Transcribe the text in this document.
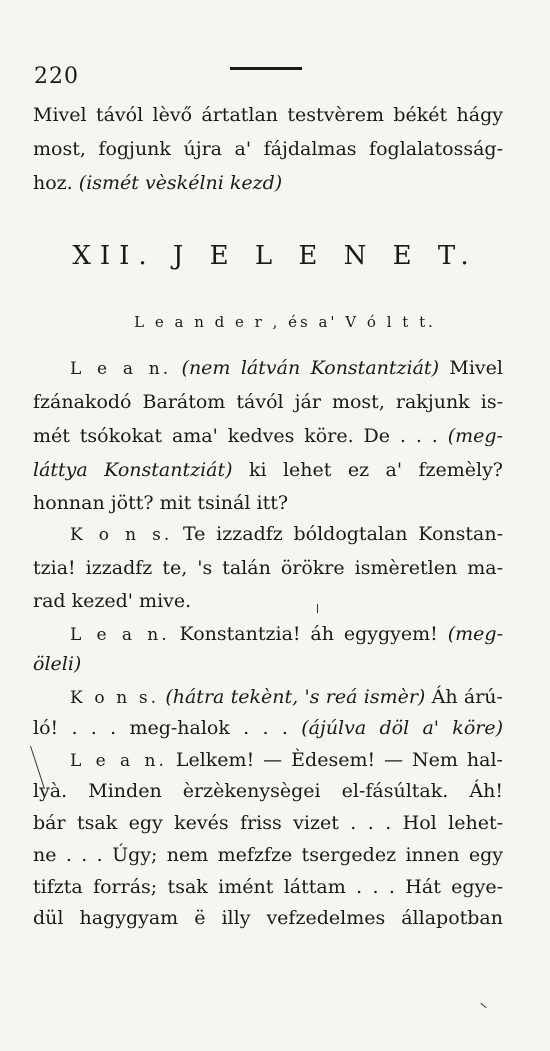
220
Mivel távól lèvő ártatlan testvèrem békét hágy
most, fogjunk újra a' fájdalmas foglalatosság-
hoz. (ismét vèskélni kezd)
XII. J E L E N E T.
L e a n d e r , és a' V ó l t t.
L e a n. (nem látván Konstantziát) Mivel
fzánakodó Barátom távól jár most, rakjunk is-
mét tsókokat ama' kedves köre. De . . . (meg-
láttya Konstantziát) ki lehet ez a' fzemèly?
honnan jött? mit tsinál itt?
K o n s. Te izzadfz bóldogtalan Konstan-
tzia! izzadfz te, 's talán örökre ismèretlen ma-
rad kezed' mive.
L e a n. Konstantzia! áh egygyem! (meg-
öleli)
K o n s. (hátra tekènt, 's reá ismèr) Áh árú-
ló! . . . meg-halok . . . (ájúlva döl a' köre)
L e a n. Lelkem! — Èdesem! — Nem hal-
lyà. Minden èrzèkenysègei el-fásúltak. Áh!
bár tsak egy kevés friss vizet . . . Hol lehet-
ne . . . Úgy; nem mefzfze tsergedez innen egy
tifzta forrás; tsak imént láttam . . . Hát egye-
dül hagygyam ë illy vefzedelmes állapotban
